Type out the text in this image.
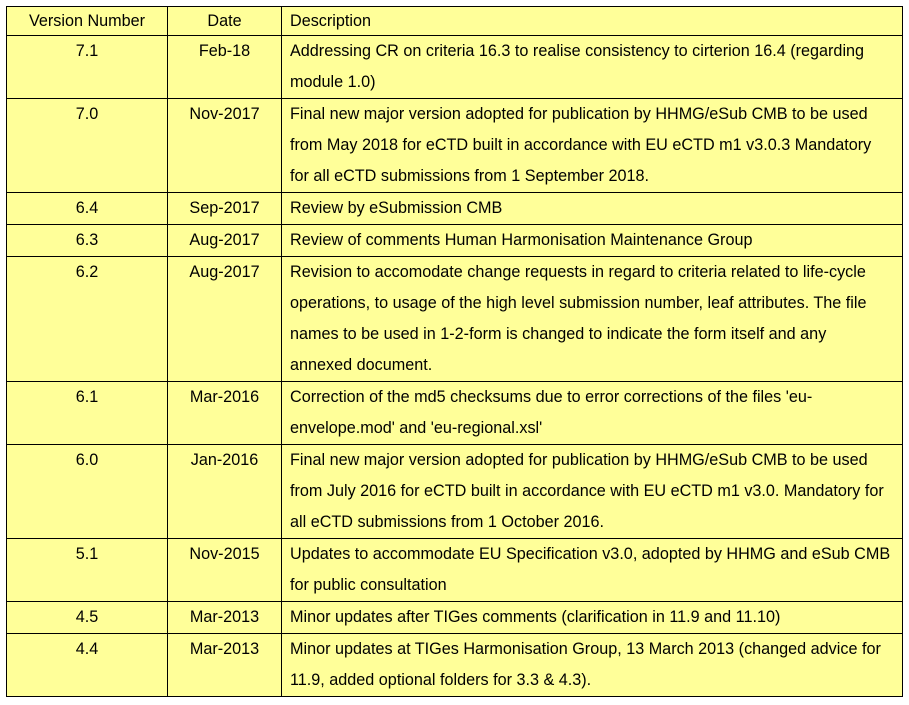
Version Number	Date	Description
7.1	Feb-18	Addressing CR on criteria 16.3 to realise consistency to cirterion 16.4 (regarding module 1.0)
7.0	Nov-2017	Final new major version adopted for publication by HHMG/eSub CMB to be used from May 2018 for eCTD built in accordance with EU eCTD m1 v3.0.3 Mandatory for all eCTD submissions from 1 September 2018.
6.4	Sep-2017	Review by eSubmission CMB
6.3	Aug-2017	Review of comments Human Harmonisation Maintenance Group
6.2	Aug-2017	Revision to accomodate change requests in regard to criteria related to life-cycle operations, to usage of the high level submission number, leaf attributes. The file names to be used in 1-2-form is changed to indicate the form itself and any annexed document.
6.1	Mar-2016	Correction of the md5 checksums due to error corrections of the files 'eu-envelope.mod' and 'eu-regional.xsl'
6.0	Jan-2016	Final new major version adopted for publication by HHMG/eSub CMB to be used from July 2016 for eCTD built in accordance with EU eCTD m1 v3.0. Mandatory for all eCTD submissions from 1 October 2016.
5.1	Nov-2015	Updates to accommodate EU Specification v3.0, adopted by HHMG and eSub CMB for public consultation
4.5	Mar-2013	Minor updates after TIGes comments (clarification in 11.9 and 11.10)
4.4	Mar-2013	Minor updates at TIGes Harmonisation Group, 13 March 2013 (changed advice for 11.9, added optional folders for 3.3 & 4.3).
